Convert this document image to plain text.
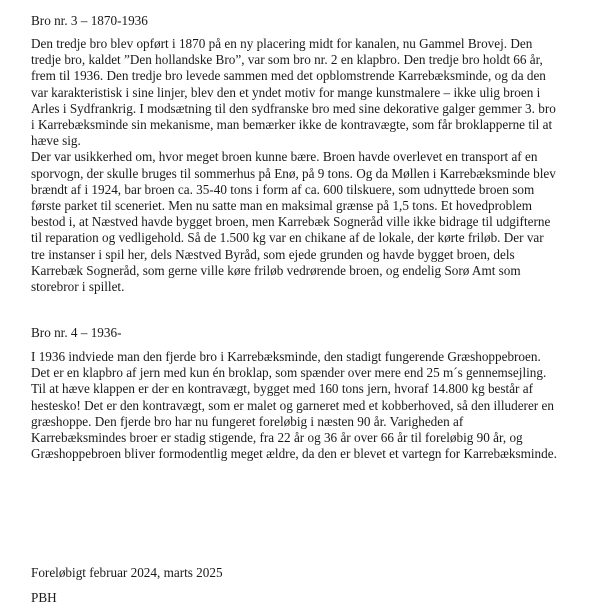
Bro nr. 3 – 1870-1936
Den tredje bro blev opført i 1870 på en ny placering midt for kanalen, nu Gammel Brovej. Den
tredje bro, kaldet ”Den hollandske Bro”, var som bro nr. 2 en klapbro. Den tredje bro holdt 66 år,
frem til 1936. Den tredje bro levede sammen med det opblomstrende Karrebæksminde, og da den
var karakteristisk i sine linjer, blev den et yndet motiv for mange kunstmalere – ikke ulig broen i
Arles i Sydfrankrig. I modsætning til den sydfranske bro med sine dekorative galger gemmer 3. bro
i Karrebæksminde sin mekanisme, man bemærker ikke de kontravægte, som får broklapperne til at
hæve sig.
Der var usikkerhed om, hvor meget broen kunne bære. Broen havde overlevet en transport af en
sporvogn, der skulle bruges til sommerhus på Enø, på 9 tons. Og da Møllen i Karrebæksminde blev
brændt af i 1924, bar broen ca. 35-40 tons i form af ca. 600 tilskuere, som udnyttede broen som
første parket til sceneriet. Men nu satte man en maksimal grænse på 1,5 tons. Et hovedproblem
bestod i, at Næstved havde bygget broen, men Karrebæk Sogneråd ville ikke bidrage til udgifterne
til reparation og vedligehold. Så de 1.500 kg var en chikane af de lokale, der kørte friløb. Der var
tre instanser i spil her, dels Næstved Byråd, som ejede grunden og havde bygget broen, dels
Karrebæk Sogneråd, som gerne ville køre friløb vedrørende broen, og endelig Sorø Amt som
storebror i spillet.
Bro nr. 4 – 1936-
I 1936 indviede man den fjerde bro i Karrebæksminde, den stadigt fungerende Græshoppebroen.
Det er en klapbro af jern med kun én broklap, som spænder over mere end 25 m´s gennemsejling.
Til at hæve klappen er der en kontravægt, bygget med 160 tons jern, hvoraf 14.800 kg består af
hestesko! Det er den kontravægt, som er malet og garneret med et kobberhoved, så den illuderer en
græshoppe. Den fjerde bro har nu fungeret foreløbig i næsten 90 år. Varigheden af
Karrebæksmindes broer er stadig stigende, fra 22 år og 36 år over 66 år til foreløbig 90 år, og
Græshoppebroen bliver formodentlig meget ældre, da den er blevet et vartegn for Karrebæksminde.
Foreløbigt februar 2024, marts 2025
PBH
